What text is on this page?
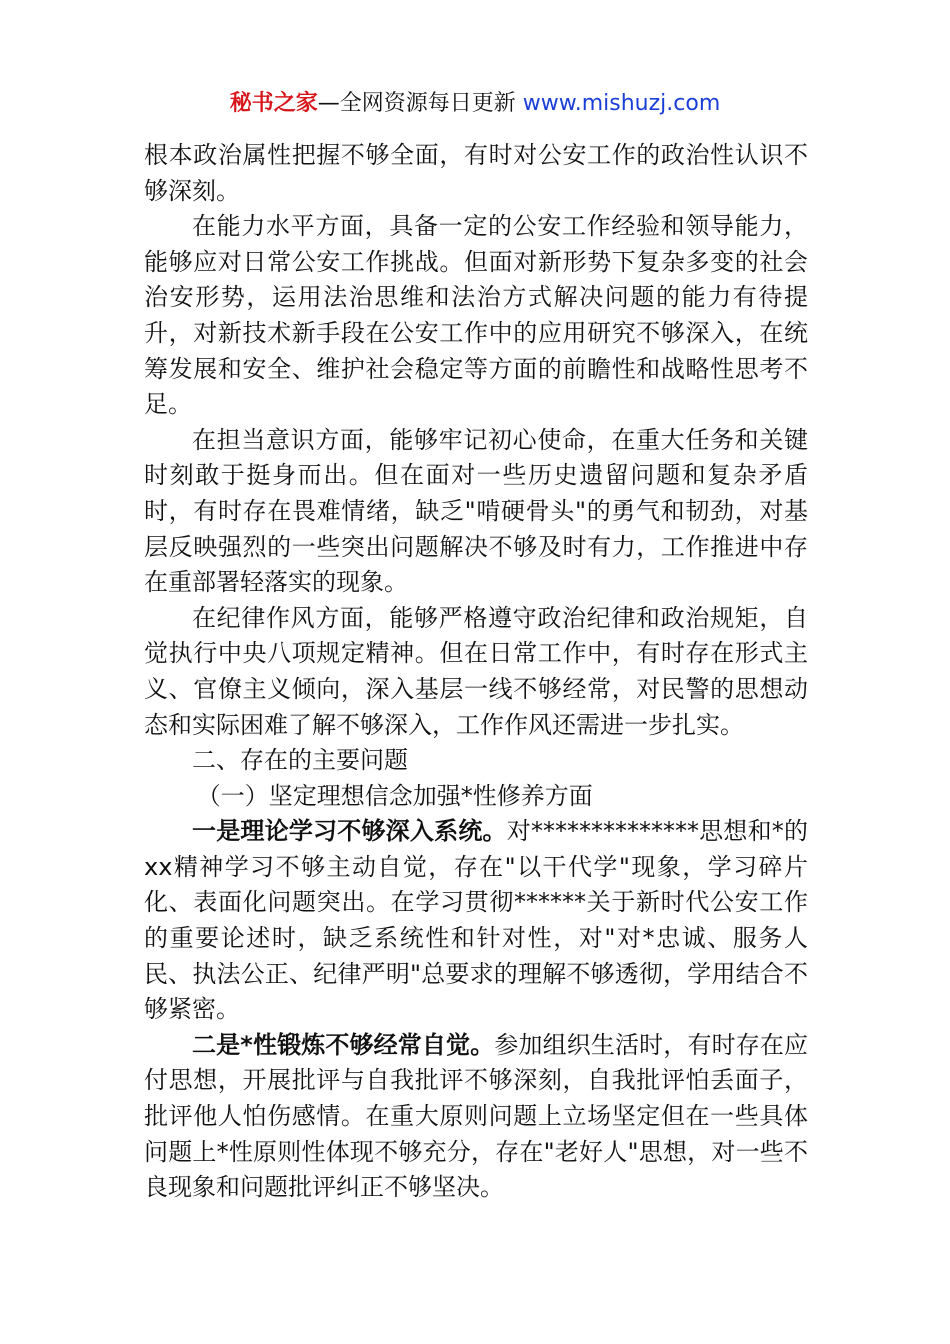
秘书之家—全网资源每日更新 www.mishuzj.com

根本政治属性把握不够全面，有时对公安工作的政治性认识不够深刻。

在能力水平方面，具备一定的公安工作经验和领导能力，能够应对日常公安工作挑战。但面对新形势下复杂多变的社会治安形势，运用法治思维和法治方式解决问题的能力有待提升，对新技术新手段在公安工作中的应用研究不够深入，在统筹发展和安全、维护社会稳定等方面的前瞻性和战略性思考不足。

在担当意识方面，能够牢记初心使命，在重大任务和关键时刻敢于挺身而出。但在面对一些历史遗留问题和复杂矛盾时，有时存在畏难情绪，缺乏"啃硬骨头"的勇气和韧劲，对基层反映强烈的一些突出问题解决不够及时有力，工作推进中存在重部署轻落实的现象。

在纪律作风方面，能够严格遵守政治纪律和政治规矩，自觉执行中央八项规定精神。但在日常工作中，有时存在形式主义、官僚主义倾向，深入基层一线不够经常，对民警的思想动态和实际困难了解不够深入，工作作风还需进一步扎实。

二、存在的主要问题

（一）坚定理想信念加强*性修养方面

一是理论学习不够深入系统。对**************思想和*的xx精神学习不够主动自觉，存在"以干代学"现象，学习碎片化、表面化问题突出。在学习贯彻******关于新时代公安工作的重要论述时，缺乏系统性和针对性，对"对*忠诚、服务人民、执法公正、纪律严明"总要求的理解不够透彻，学用结合不够紧密。

二是*性锻炼不够经常自觉。参加组织生活时，有时存在应付思想，开展批评与自我批评不够深刻，自我批评怕丢面子，批评他人怕伤感情。在重大原则问题上立场坚定但在一些具体问题上*性原则性体现不够充分，存在"老好人"思想，对一些不良现象和问题批评纠正不够坚决。
